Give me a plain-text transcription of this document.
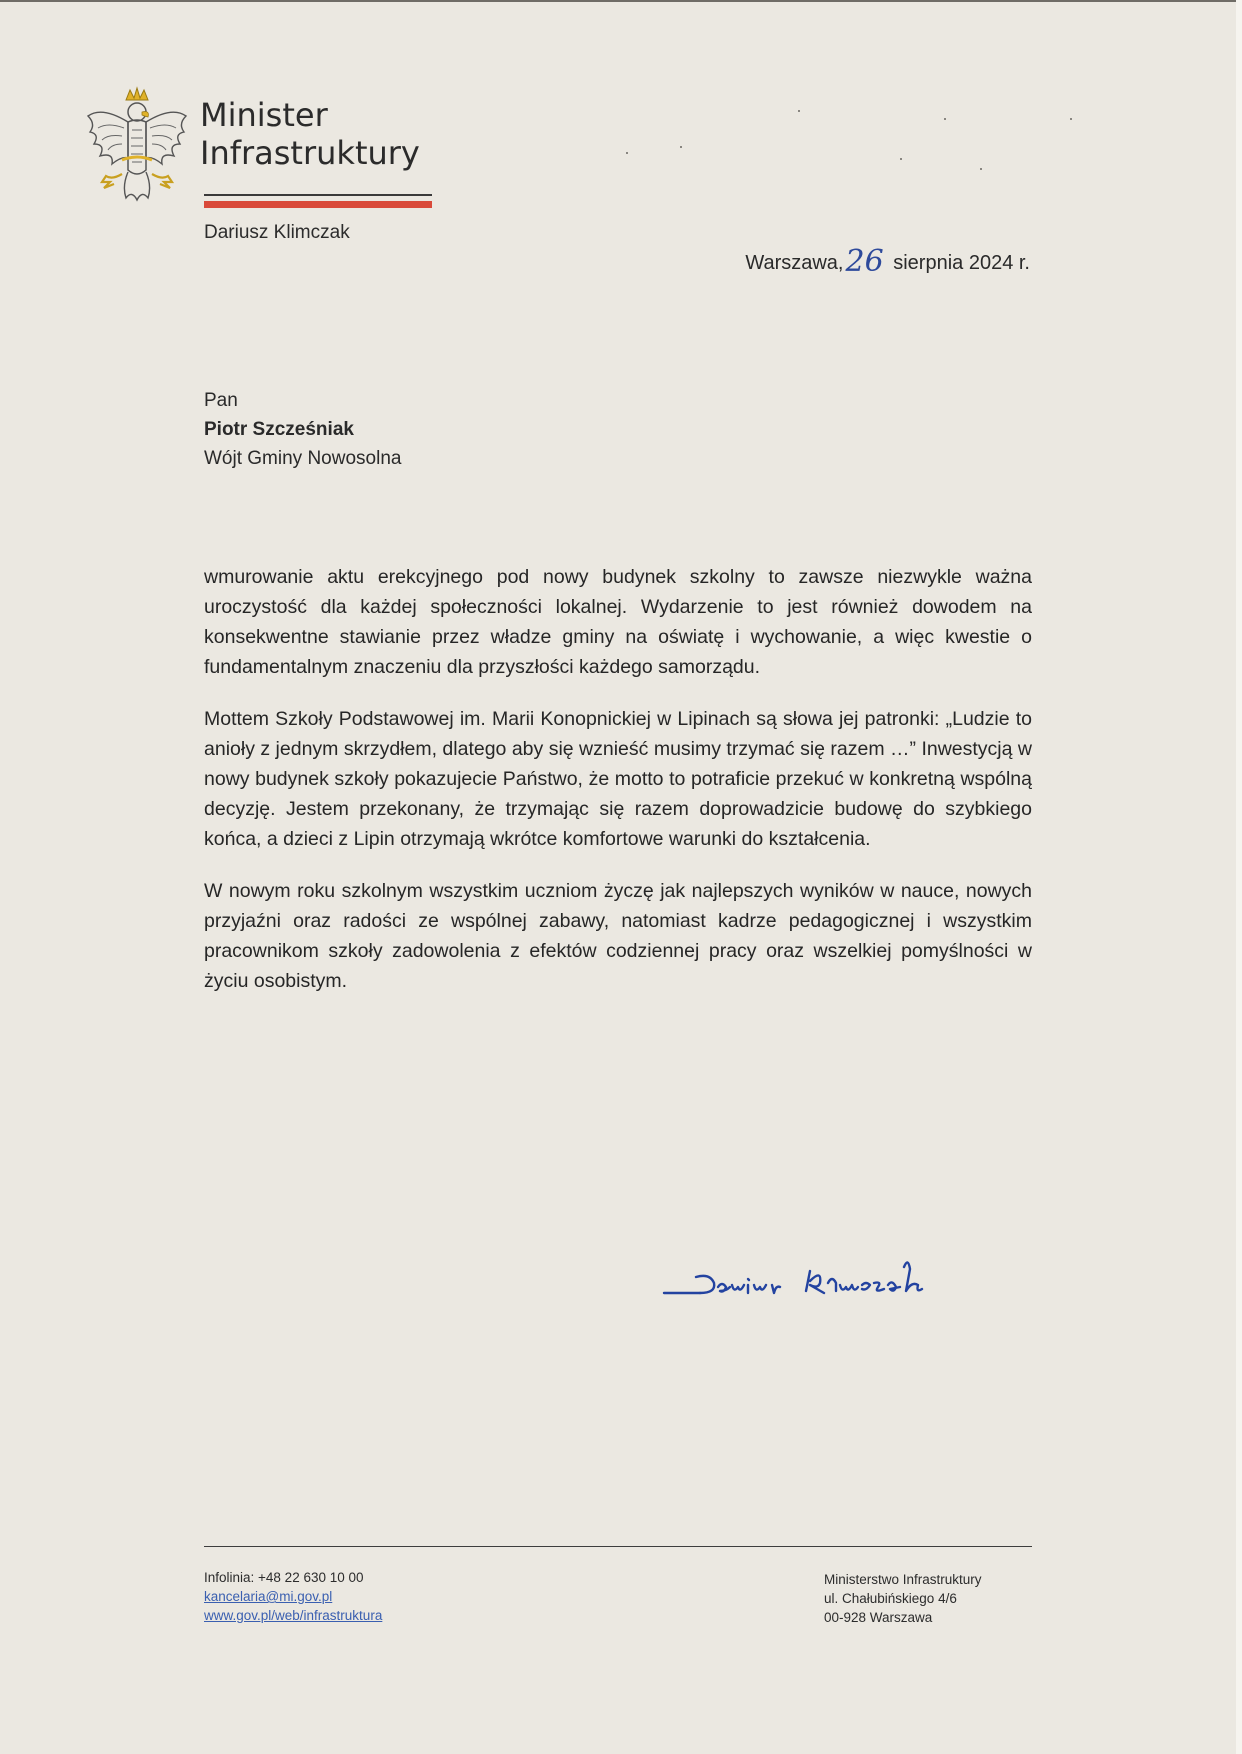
Minister
Infrastruktury
Dariusz Klimczak
Warszawa,26 sierpnia 2024 r.
Pan
Piotr Szcześniak
Wójt Gminy Nowosolna

wmurowanie aktu erekcyjnego pod nowy budynek szkolny to zawsze niezwykle ważna uroczystość dla każdej społeczności lokalnej. Wydarzenie to jest również dowodem na konsekwentne stawianie przez władze gminy na oświatę i wychowanie, a więc kwestie o fundamentalnym znaczeniu dla przyszłości każdego samorządu.

Mottem Szkoły Podstawowej im. Marii Konopnickiej w Lipinach są słowa jej patronki: „Ludzie to anioły z jednym skrzydłem, dlatego aby się wznieść musimy trzymać się razem …” Inwestycją w nowy budynek szkoły pokazujecie Państwo, że motto to potraficie przekuć w konkretną wspólną decyzję. Jestem przekonany, że trzymając się razem doprowadzicie budowę do szybkiego końca, a dzieci z Lipin otrzymają wkrótce komfortowe warunki do kształcenia.

W nowym roku szkolnym wszystkim uczniom życzę jak najlepszych wyników w nauce, nowych przyjaźni oraz radości ze wspólnej zabawy, natomiast kadrze pedagogicznej i wszystkim pracownikom szkoły zadowolenia z efektów codziennej pracy oraz wszelkiej pomyślności w życiu osobistym.

Infolinia: +48 22 630 10 00
kancelaria@mi.gov.pl
www.gov.pl/web/infrastruktura
Ministerstwo Infrastruktury
ul. Chałubińskiego 4/6
00-928 Warszawa
